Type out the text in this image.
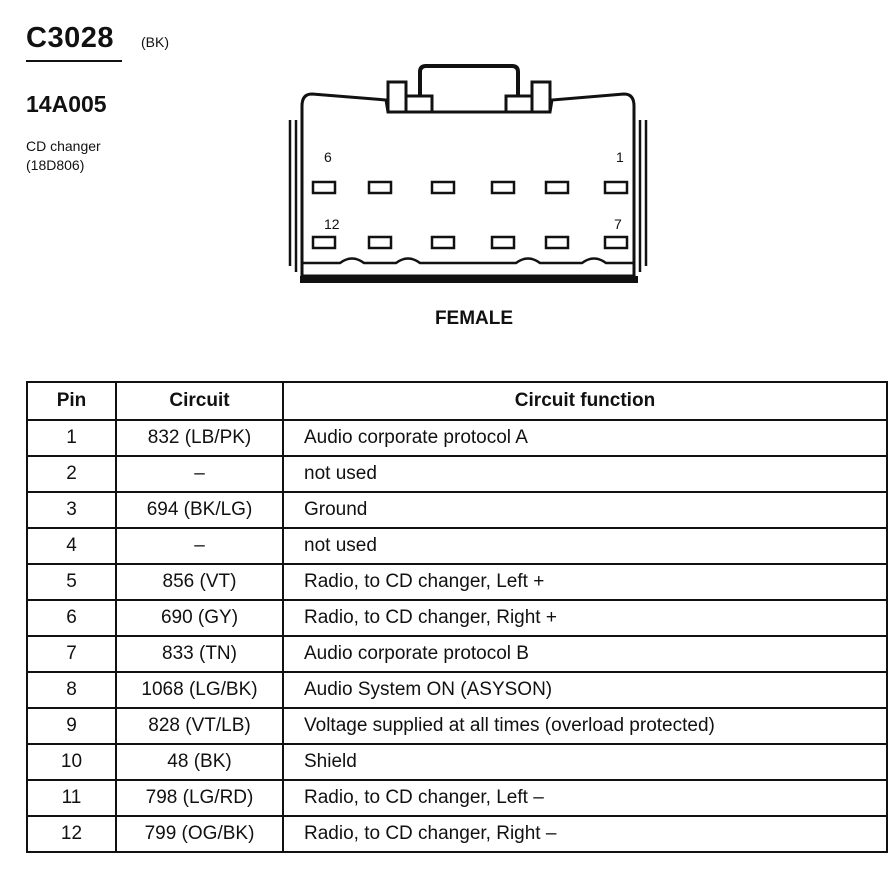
C3028 (BK)
14A005
CD changer
(18D806)	6	1
12	7
FEMALE
Pin	Circuit	Circuit function
1	832 (LB/PK)	Audio corporate protocol A
2	–	not used
3	694 (BK/LG)	Ground
4	–	not used
5	856 (VT)	Radio, to CD changer, Left +
6	690 (GY)	Radio, to CD changer, Right +
7	833 (TN)	Audio corporate protocol B
8	1068 (LG/BK)	Audio System ON (ASYSON)
9	828 (VT/LB)	Voltage supplied at all times (overload protected)
10	48 (BK)	Shield
11	798 (LG/RD)	Radio, to CD changer, Left –
12	799 (OG/BK)	Radio, to CD changer, Right –
